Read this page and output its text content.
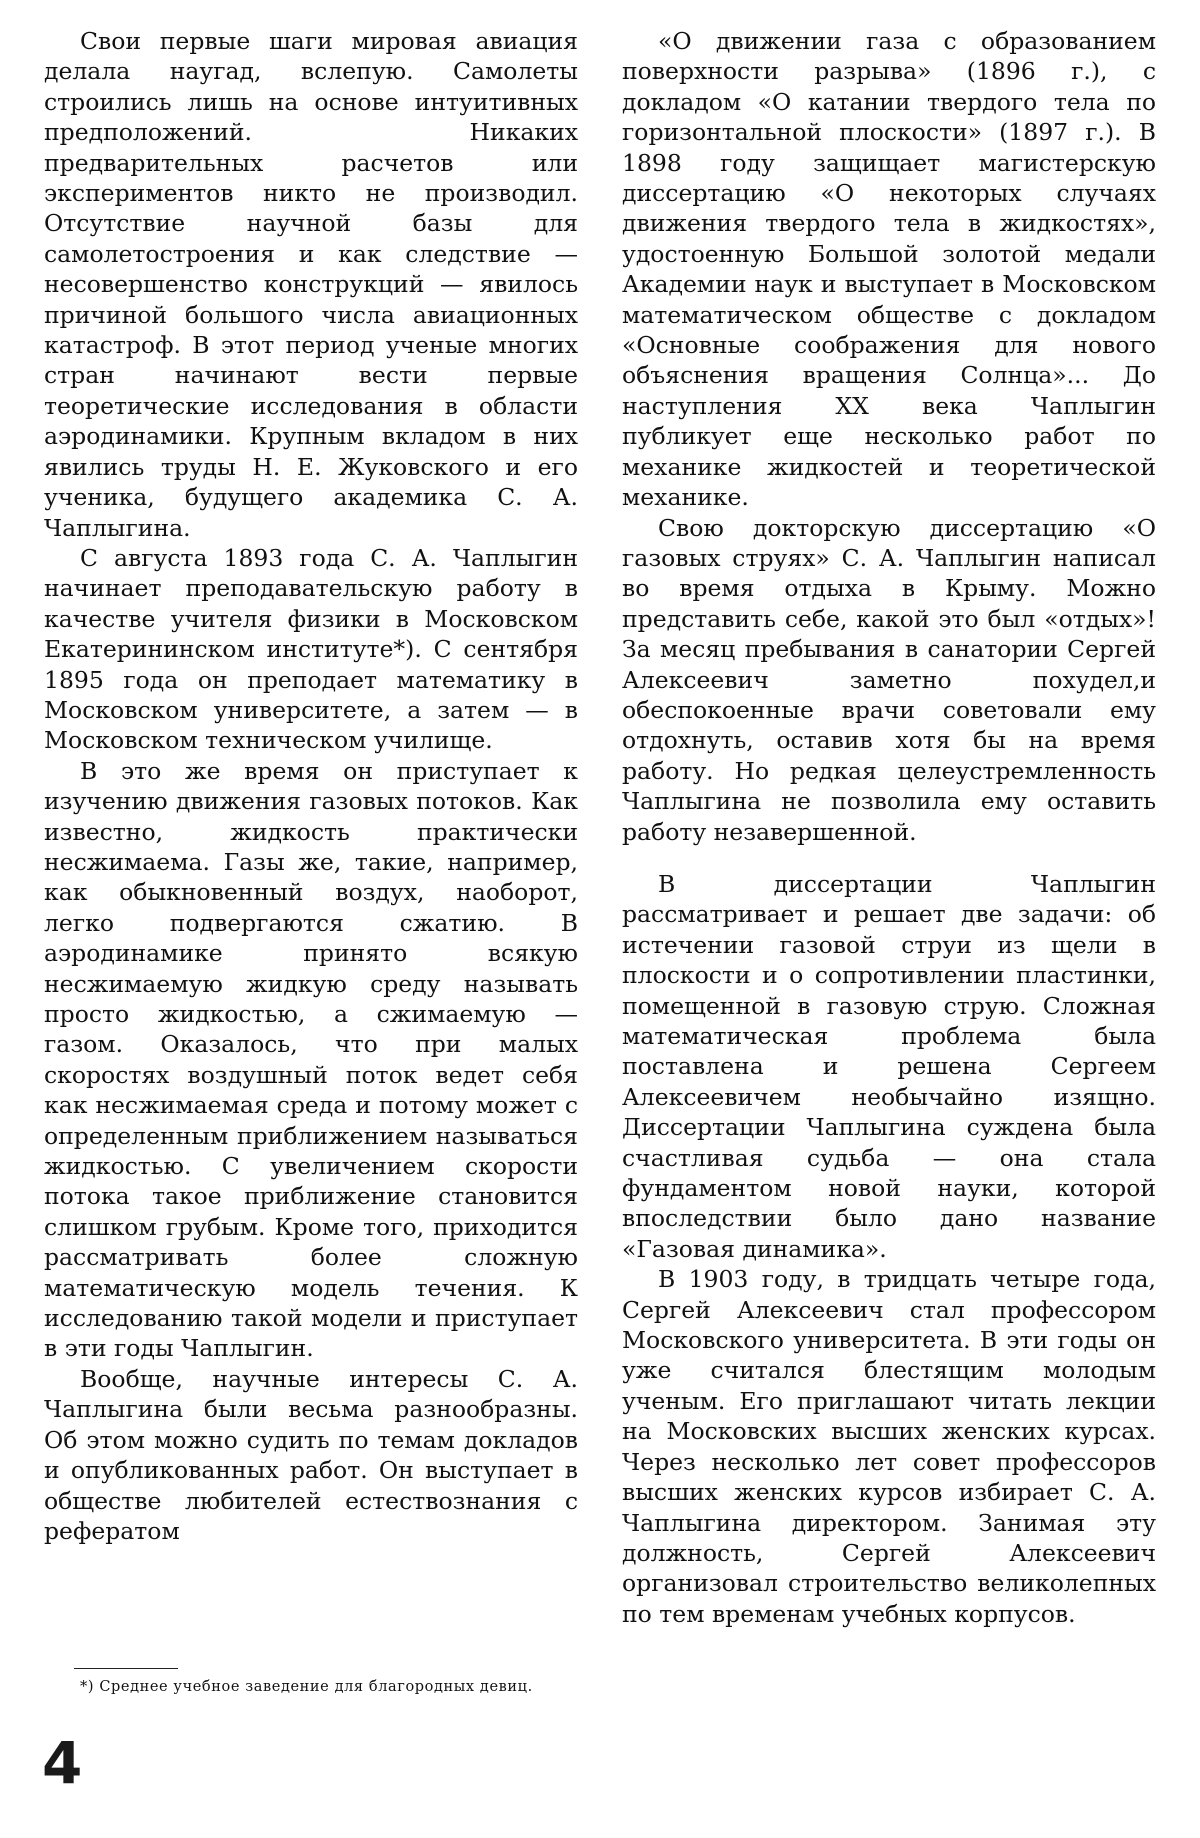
Свои первые шаги мировая авиация делала наугад, вслепую. Самолеты строились лишь на основе интуитивных предположений. Никаких предварительных расчетов или экспериментов никто не производил. Отсутствие научной базы для самолетостроения и как следствие — несовершенство конструкций — явилось причиной большого числа авиационных катастроф. В этот период ученые многих стран начинают вести первые теоретические исследования в области аэродинамики. Крупным вкладом в них явились труды Н. Е. Жуковского и его ученика, будущего академика С. А. Чаплыгина.

С августа 1893 года С. А. Чаплыгин начинает преподавательскую работу в качестве учителя физики в Московском Екатерининском институте*). С сентября 1895 года он преподает математику в Московском университете, а затем — в Московском техническом училище.

В это же время он приступает к изучению движения газовых потоков. Как известно, жидкость практически несжимаема. Газы же, такие, например, как обыкновенный воздух, наоборот, легко подвергаются сжатию. В аэродинамике принято всякую несжимаемую жидкую среду называть просто жидкостью, а сжимаемую — газом. Оказалось, что при малых скоростях воздушный поток ведет себя как несжимаемая среда и потому может с определенным приближением называться жидкостью. С увеличением скорости потока такое приближение становится слишком грубым. Кроме того, приходится рассматривать более сложную математическую модель течения. К исследованию такой модели и приступает в эти годы Чаплыгин.

Вообще, научные интересы С. А. Чаплыгина были весьма разнообразны. Об этом можно судить по темам докладов и опубликованных работ. Он выступает в обществе любителей естествознания с рефератом

«О движении газа с образованием поверхности разрыва» (1896 г.), с докладом «О катании твердого тела по горизонтальной плоскости» (1897 г.). В 1898 году защищает магистерскую диссертацию «О некоторых случаях движения твердого тела в жидкостях», удостоенную Большой золотой медали Академии наук и выступает в Московском математическом обществе с докладом «Основные соображения для нового объяснения вращения Солнца»... До наступления XX века Чаплыгин публикует еще несколько работ по механике жидкостей и теоретической механике.

Свою докторскую диссертацию «О газовых струях» С. А. Чаплыгин написал во время отдыха в Крыму. Можно представить себе, какой это был «отдых»! За месяц пребывания в санатории Сергей Алексеевич заметно похудел,и обеспокоенные врачи советовали ему отдохнуть, оставив хотя бы на время работу. Но редкая целеустремленность Чаплыгина не позволила ему оставить работу незавершенной.

В диссертации Чаплыгин рассматривает и решает две задачи: об истечении газовой струи из щели в плоскости и о сопротивлении пластинки, помещенной в газовую струю. Сложная математическая проблема была поставлена и решена Сергеем Алексеевичем необычайно изящно. Диссертации Чаплыгина суждена была счастливая судьба — она стала фундаментом новой науки, которой впоследствии было дано название «Газовая динамика».

В 1903 году, в тридцать четыре года, Сергей Алексеевич стал профессором Московского университета. В эти годы он уже считался блестящим молодым ученым. Его приглашают читать лекции на Московских высших женских курсах. Через несколько лет совет профессоров высших женских курсов избирает С. А. Чаплыгина директором. Занимая эту должность, Сергей Алексеевич организовал строительство великолепных по тем временам учебных корпусов.

*) Среднее учебное заведение для благородных девиц.
4
